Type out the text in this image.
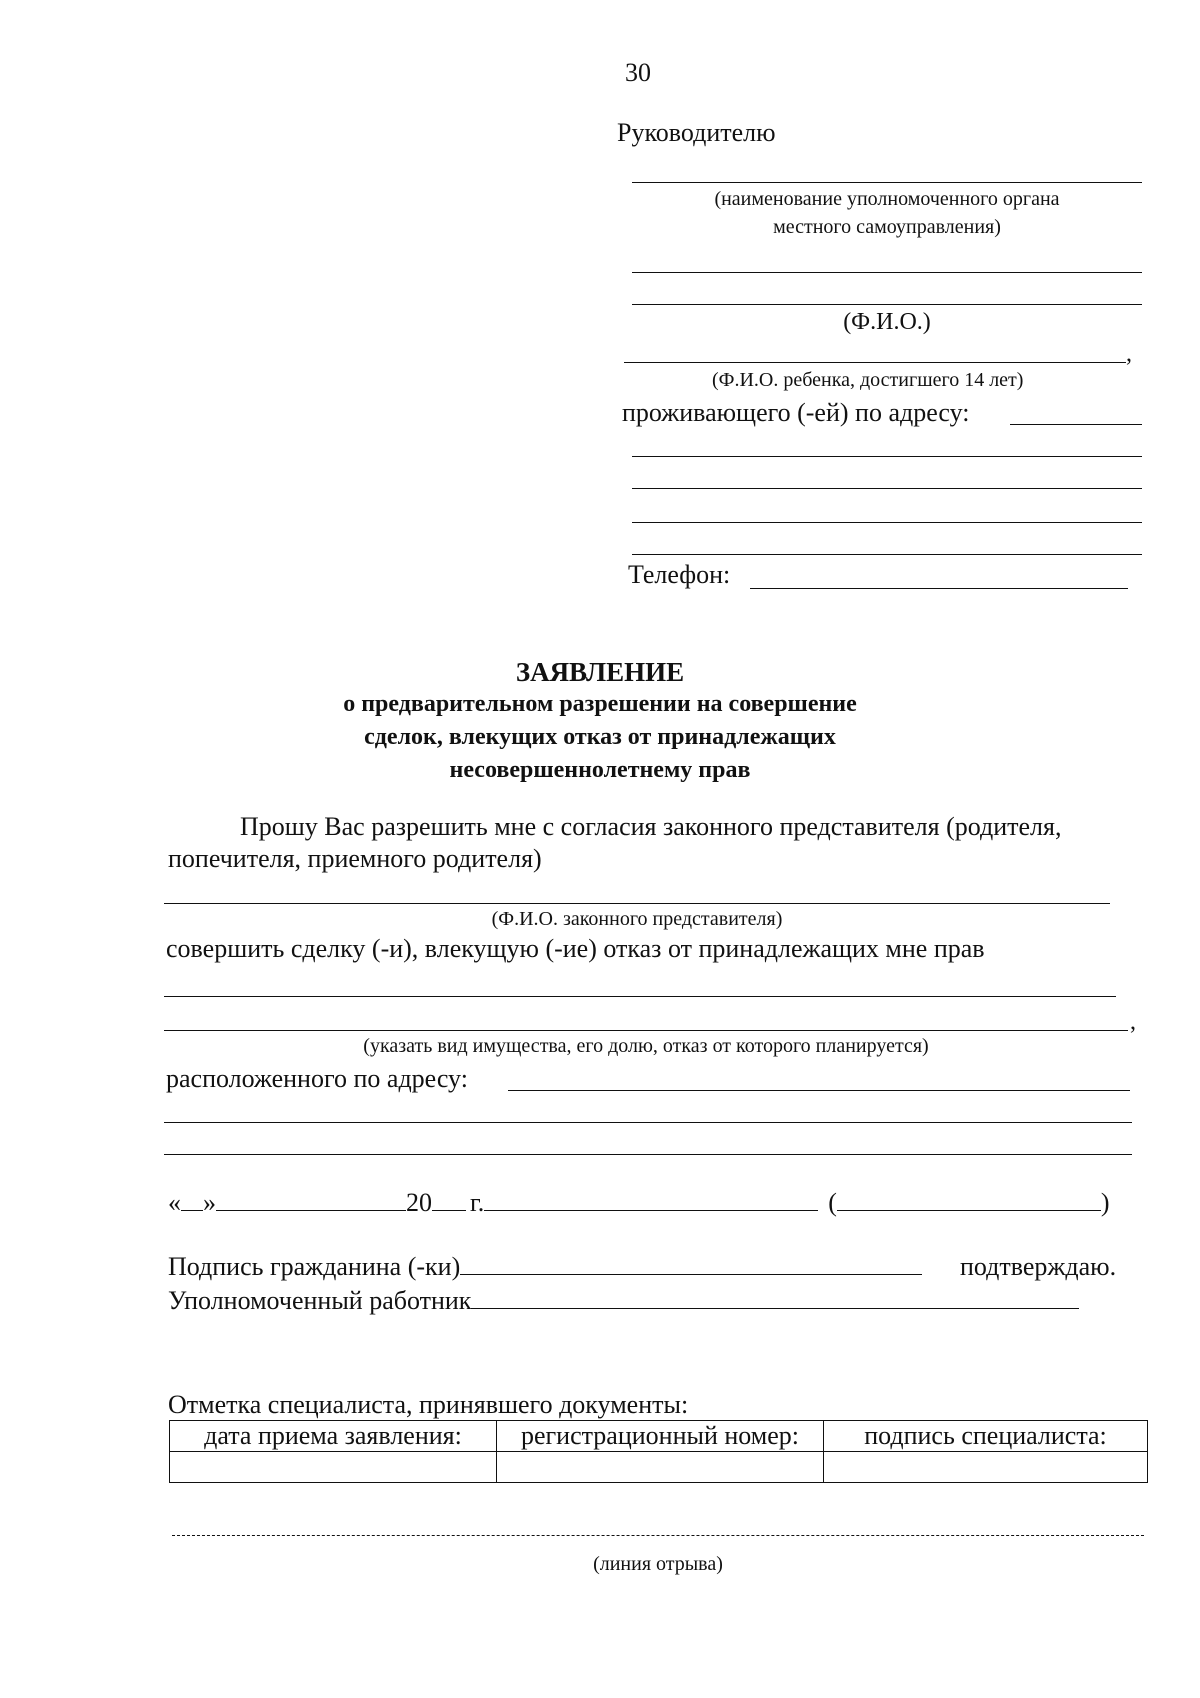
30
Руководителю
(наименование уполномоченного органа
местного самоуправления)
(Ф.И.О.)
,
(Ф.И.О. ребенка, достигшего 14 лет)
проживающего (-ей) по адресу:
Телефон:
ЗАЯВЛЕНИЕ
о предварительном разрешении на совершение
сделок, влекущих отказ от принадлежащих
несовершеннолетнему прав
Прошу Вас разрешить мне с согласия законного представителя (родителя,
попечителя, приемного родителя)
(Ф.И.О. законного представителя)
совершить сделку (-и), влекущую (-ие) отказ от принадлежащих мне прав
,
(указать вид имущества, его долю, отказ от которого планируется)
расположенного по адресу:
« »	20 г.	(	)
Подпись гражданина (-ки)	подтверждаю.
Уполномоченный работник
Отметка специалиста, принявшего документы:
дата приема заявления:	регистрационный номер:	подпись специалиста:

(линия отрыва)
